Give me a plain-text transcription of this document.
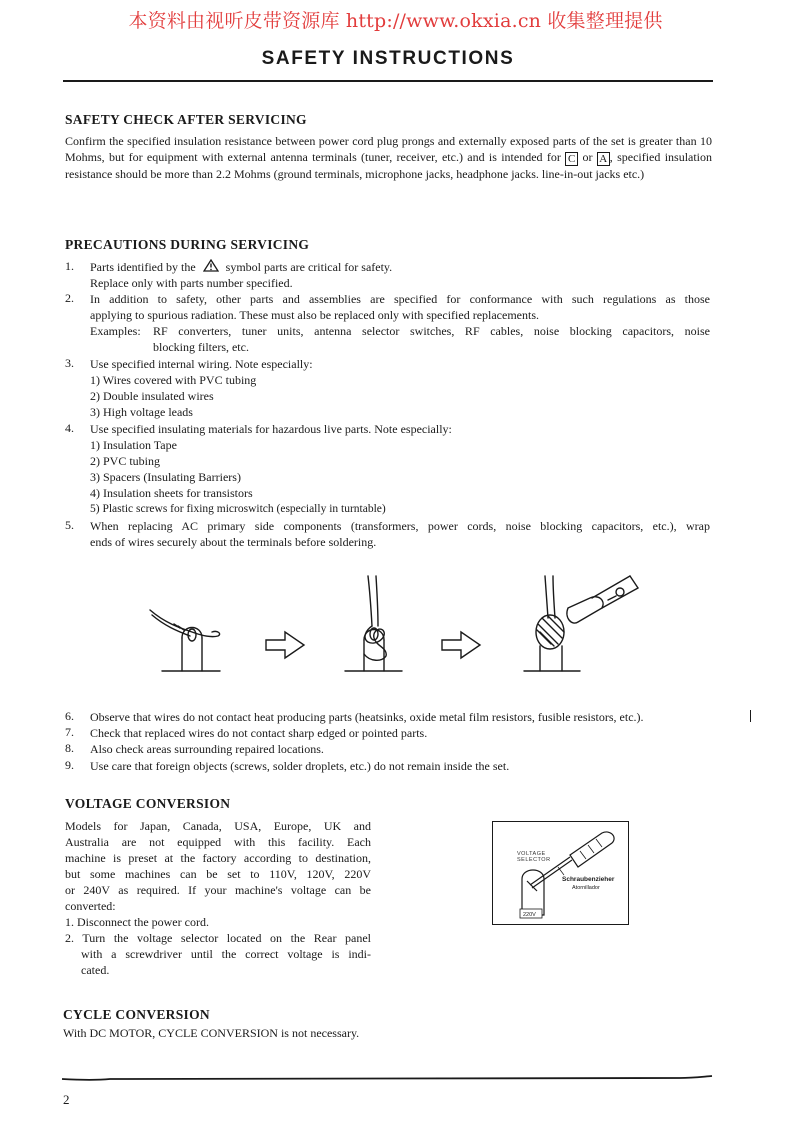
本资料由视听皮带资源库 http://www.okxia.cn 收集整理提供
SAFETY INSTRUCTIONS
SAFETY CHECK AFTER SERVICING
Confirm the specified insulation resistance between power cord plug prongs and externally exposed parts of the set is greater than 10 Mohms, but for equipment with external antenna terminals (tuner, receiver, etc.) and is intended for C or A , specified insulation resistance should be more than 2.2 Mohms (ground terminals, microphone jacks, headphone jacks. line-in-out jacks etc.)
PRECAUTIONS DURING SERVICING
1. Parts identified by the	symbol parts are critical for safety.
Replace only with parts number specified.
2. In addition to safety, other parts and assemblies are specified for conformance with such regulations as those
applying to spurious radiation. These must also be replaced only with specified replacements.
Examples: RF converters, tuner units, antenna selector switches, RF cables, noise blocking capacitors, noise
blocking filters, etc.
3. Use specified internal wiring. Note especially:
1) Wires covered with PVC tubing
2) Double insulated wires
3) High voltage leads
4. Use specified insulating materials for hazardous live parts. Note especially:
1) Insulation Tape
2) PVC tubing
3) Spacers (Insulating Barriers)
4) Insulation sheets for transistors
5) Plastic screws for fixing microswitch (especially in turntable)
5. When replacing AC primary side components (transformers, power cords, noise blocking capacitors, etc.), wrap
ends of wires securely about the terminals before soldering.
6. Observe that wires do not contact heat producing parts (heatsinks, oxide metal film resistors, fusible resistors, etc.).
7. Check that replaced wires do not contact sharp edged or pointed parts.
8. Also check areas surrounding repaired locations.
9. Use care that foreign objects (screws, solder droplets, etc.) do not remain inside the set.
VOLTAGE CONVERSION
Models for Japan, Canada, USA, Europe, UK and
Australia are not equipped with this facility. Each
machine is preset at the factory according to destination,
but some machines can be set to 110V, 120V, 220V
or 240V as required. If your machine's voltage can be
converted:
1. Disconnect the power cord.
2. Turn the voltage selector located on the Rear panel
with a screwdriver until the correct voltage is indi-
cated.
VOLTAGE
SELECTOR
220V
Schraubenzieher
Atornillador
CYCLE CONVERSION
With DC MOTOR, CYCLE CONVERSION is not necessary.
2
